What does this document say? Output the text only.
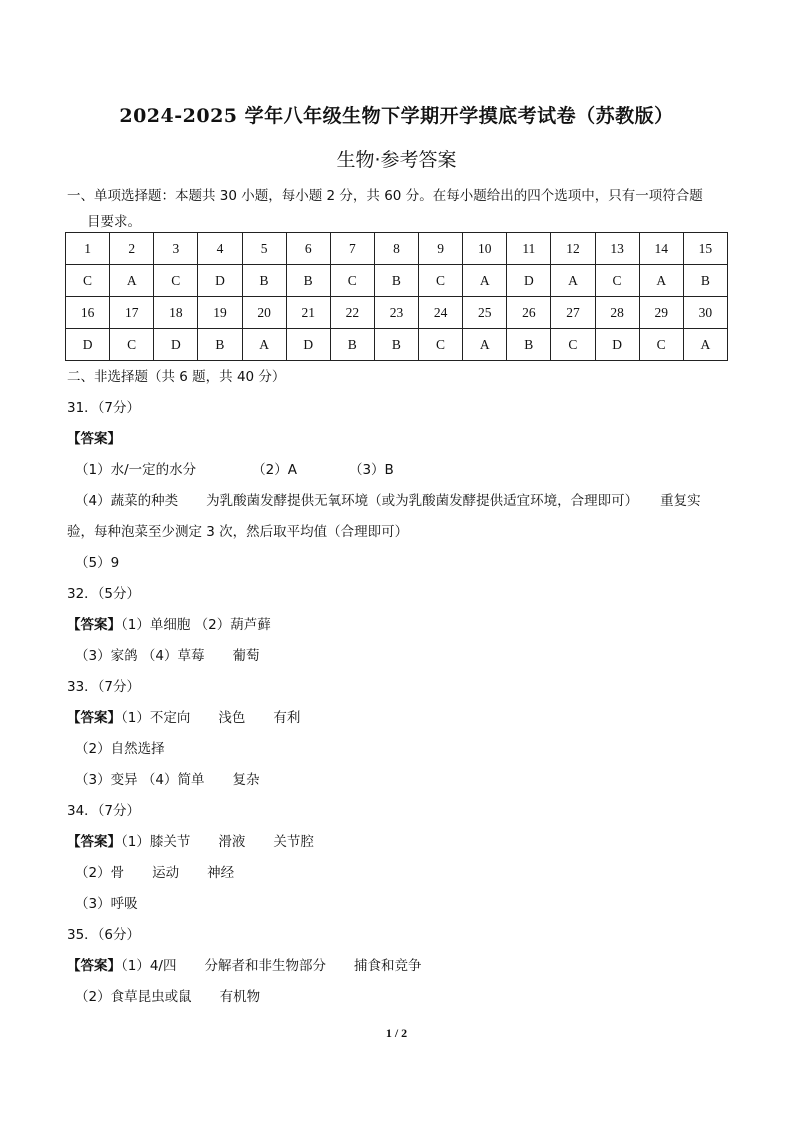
2024-2025 学年八年级生物下学期开学摸底考试卷（苏教版）
生物·参考答案
一、单项选择题：本题共 30 小题，每小题 2 分，共 60 分。在每小题给出的四个选项中，只有一项符合题
目要求。
1	2	3	4	5	6	7	8	9	10	11	12	13	14	15
C	A	C	D	B	B	C	B	C	A	D	A	C	A	B
16	17	18	19	20	21	22	23	24	25	26	27	28	29	30
D	C	D	B	A	D	B	B	C	A	B	C	D	C	A
二、非选择题（共 6 题，共 40 分）
31．（7分）
【答案】
（1）水/一定的水分	（2）A	（3）B
（4）蔬菜的种类 为乳酸菌发酵提供无氧环境（或为乳酸菌发酵提供适宜环境，合理即可） 重复实
验，每种泡菜至少测定 3 次，然后取平均值（合理即可）
（5）9
32．（5分）
【答案】（1）单细胞 （2）葫芦藓
（3）家鸽 （4）草莓 葡萄
33．（7分）
【答案】（1）不定向 浅色 有利
（2）自然选择
（3）变异 （4）简单 复杂
34．（7分）
【答案】（1）膝关节 滑液 关节腔
（2）骨 运动 神经
（3）呼吸
35．（6分）
【答案】（1）4/四 分解者和非生物部分 捕食和竞争
（2）食草昆虫或鼠 有机物
1 / 2
